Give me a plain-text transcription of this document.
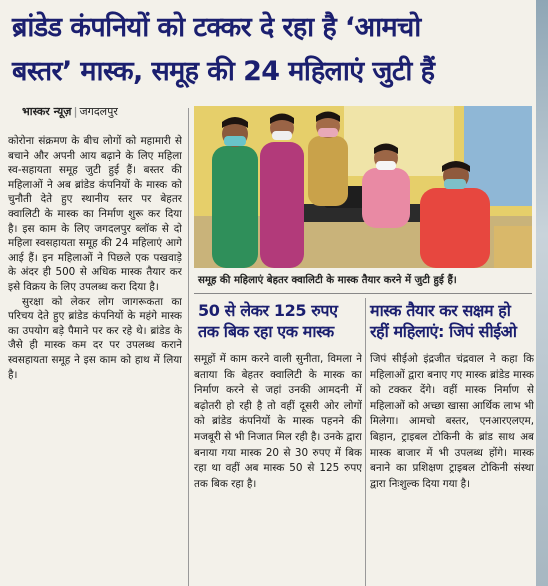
ब्रांडेड कंपनियों को टक्कर दे रहा है ‘आमचो
बस्तर’ मास्क, समूह की 24 महिलाएं जुटी हैं
भास्कर न्यूज़ | जगदलपुर

कोरोना संक्रमण के बीच लोगों को महामारी से बचाने और अपनी आय बढ़ाने के लिए महिला स्व-सहायता समूह जुटी हुई हैं। बस्तर की महिलाओं ने अब ब्रांडेड कंपनियों के मास्क को चुनौती देते हुए स्थानीय स्तर पर बेहतर क्वालिटी के मास्क का निर्माण शुरू कर दिया है। इस काम के लिए जगदलपुर ब्लॉक से दो महिला स्वसहायता समूह की 24 महिलाएं आगे आई हैं। इन महिलाओं ने पिछले एक पखवाड़े के अंदर ही 500 से अधिक मास्क तैयार कर इसे विक्रय के लिए उपलब्ध करा दिया है।

सुरक्षा को लेकर लोग जागरूकता का परिचय देते हुए ब्रांडेड कंपनियों के महंगे मास्क का उपयोग बड़े पैमाने पर कर रहे थे। ब्रांडेड के जैसे ही मास्क कम दर पर उपलब्ध कराने स्वसहायता समूह ने इस काम को हाथ में लिया है।

समूह की महिलाएं बेहतर क्वालिटी के मास्क तैयार करने में जुटी हुई हैं।
50 से लेकर 125 रुपए
तक बिक रहा एक मास्क
समूहों में काम करने वाली सुनीता, विमला ने बताया कि बेहतर क्वालिटी के मास्क का निर्माण करने से जहां उनकी आमदनी में बढ़ोतरी हो रही है तो वहीं दूसरी ओर लोगों को ब्रांडेड कंपनियों के मास्क पहनने की मजबूरी से भी निजात मिल रही है। उनके द्वारा बनाया गया मास्क 20 से 30 रुपए में बिक रहा था वहीं अब मास्क 50 से 125 रुपए तक बिक रहा है।
मास्क तैयार कर सक्षम हो
रहीं महिलाएं: जिपं सीईओ
जिपं सीईओ इंद्रजीत चंद्रवाल ने कहा कि महिलाओं द्वारा बनाए गए मास्क ब्रांडेड मास्क को टक्कर देंगे। वहीं मास्क निर्माण से महिलाओं को अच्छा खासा आर्थिक लाभ भी मिलेगा। आमचो बस्तर, एनआरएलएम, बिहान, ट्राइबल टोकिनी के ब्रांड साथ अब मास्क बाजार में भी उपलब्ध होंगे। मास्क बनाने का प्रशिक्षण ट्राइबल टोकिनी संस्था द्वारा निःशुल्क दिया गया है।
